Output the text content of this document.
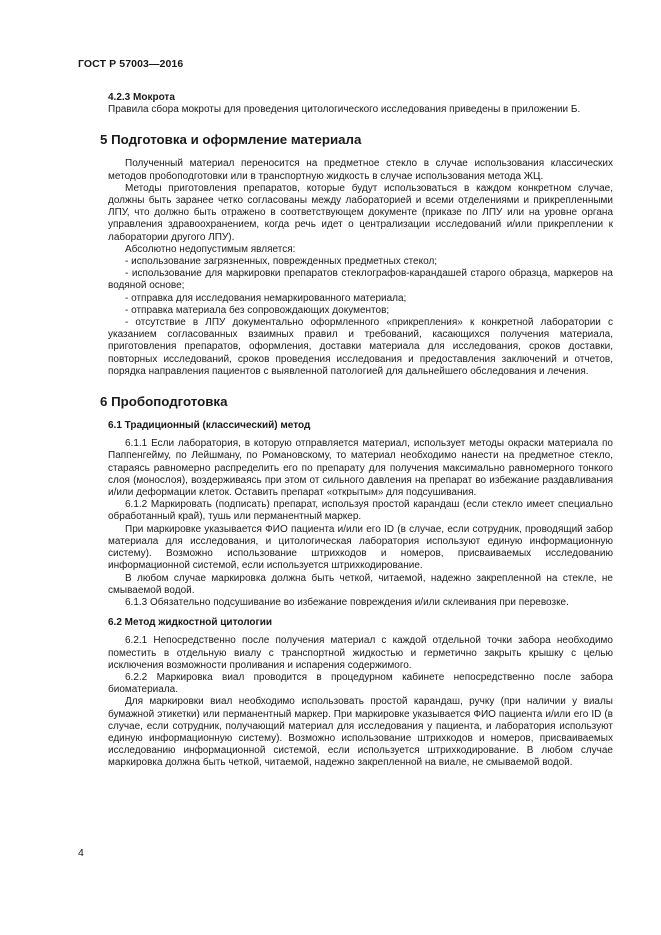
ГОСТ Р 57003—2016

4.2.3 Мокрота

Правила сбора мокроты для проведения цитологического исследования приведены в приложении Б.

5 Подготовка и оформление материала

Полученный материал переносится на предметное стекло в случае использования классических методов пробоподготовки или в транспортную жидкость в случае использования метода ЖЦ.

Методы приготовления препаратов, которые будут использоваться в каждом конкретном случае, должны быть заранее четко согласованы между лабораторией и всеми отделениями и прикрепленными ЛПУ, что должно быть отражено в соответствующем документе (приказе по ЛПУ или на уровне органа управления здравоохранением, когда речь идет о централизации исследований и/или прикреплении к лаборатории другого ЛПУ).

Абсолютно недопустимым является:

- использование загрязненных, поврежденных предметных стекол;

- использование для маркировки препаратов стеклографов-карандашей старого образца, маркеров на водяной основе;

- отправка для исследования немаркированного материала;

- отправка материала без сопровождающих документов;

- отсутствие в ЛПУ документально оформленного «прикрепления» к конкретной лаборатории с указанием согласованных взаимных правил и требований, касающихся получения материала, приготовления препаратов, оформления, доставки материала для исследования, сроков доставки, повторных исследований, сроков проведения исследования и предоставления заключений и отчетов, порядка направления пациентов с выявленной патологией для дальнейшего обследования и лечения.

6 Пробоподготовка

6.1 Традиционный (классический) метод

6.1.1 Если лаборатория, в которую отправляется материал, использует методы окраски материала по Паппенгейму, по Лейшману, по Романовскому, то материал необходимо нанести на предметное стекло, стараясь равномерно распределить его по препарату для получения максимально равномерного тонкого слоя (монослоя), воздерживаясь при этом от сильного давления на препарат во избежание раздавливания и/или деформации клеток. Оставить препарат «открытым» для подсушивания.

6.1.2 Маркировать (подписать) препарат, используя простой карандаш (если стекло имеет специально обработанный край), тушь или перманентный маркер.

При маркировке указывается ФИО пациента и/или его ID (в случае, если сотрудник, проводящий забор материала для исследования, и цитологическая лаборатория используют единую информационную систему). Возможно использование штрихкодов и номеров, присваиваемых исследованию информационной системой, если используется штрихкодирование.

В любом случае маркировка должна быть четкой, читаемой, надежно закрепленной на стекле, не смываемой водой.

6.1.3 Обязательно подсушивание во избежание повреждения и/или склеивания при перевозке.

6.2 Метод жидкостной цитологии

6.2.1 Непосредственно после получения материал с каждой отдельной точки забора необходимо поместить в отдельную виалу с транспортной жидкостью и герметично закрыть крышку с целью исключения возможности проливания и испарения содержимого.

6.2.2 Маркировка виал проводится в процедурном кабинете непосредственно после забора биоматериала.

Для маркировки виал необходимо использовать простой карандаш, ручку (при наличии у виалы бумажной этикетки) или перманентный маркер. При маркировке указывается ФИО пациента и/или его ID (в случае, если сотрудник, получающий материал для исследования у пациента, и лаборатория используют единую информационную систему). Возможно использование штрихкодов и номеров, присваиваемых исследованию информационной системой, если используется штрихкодирование. В любом случае маркировка должна быть четкой, читаемой, надежно закрепленной на виале, не смываемой водой.

4
